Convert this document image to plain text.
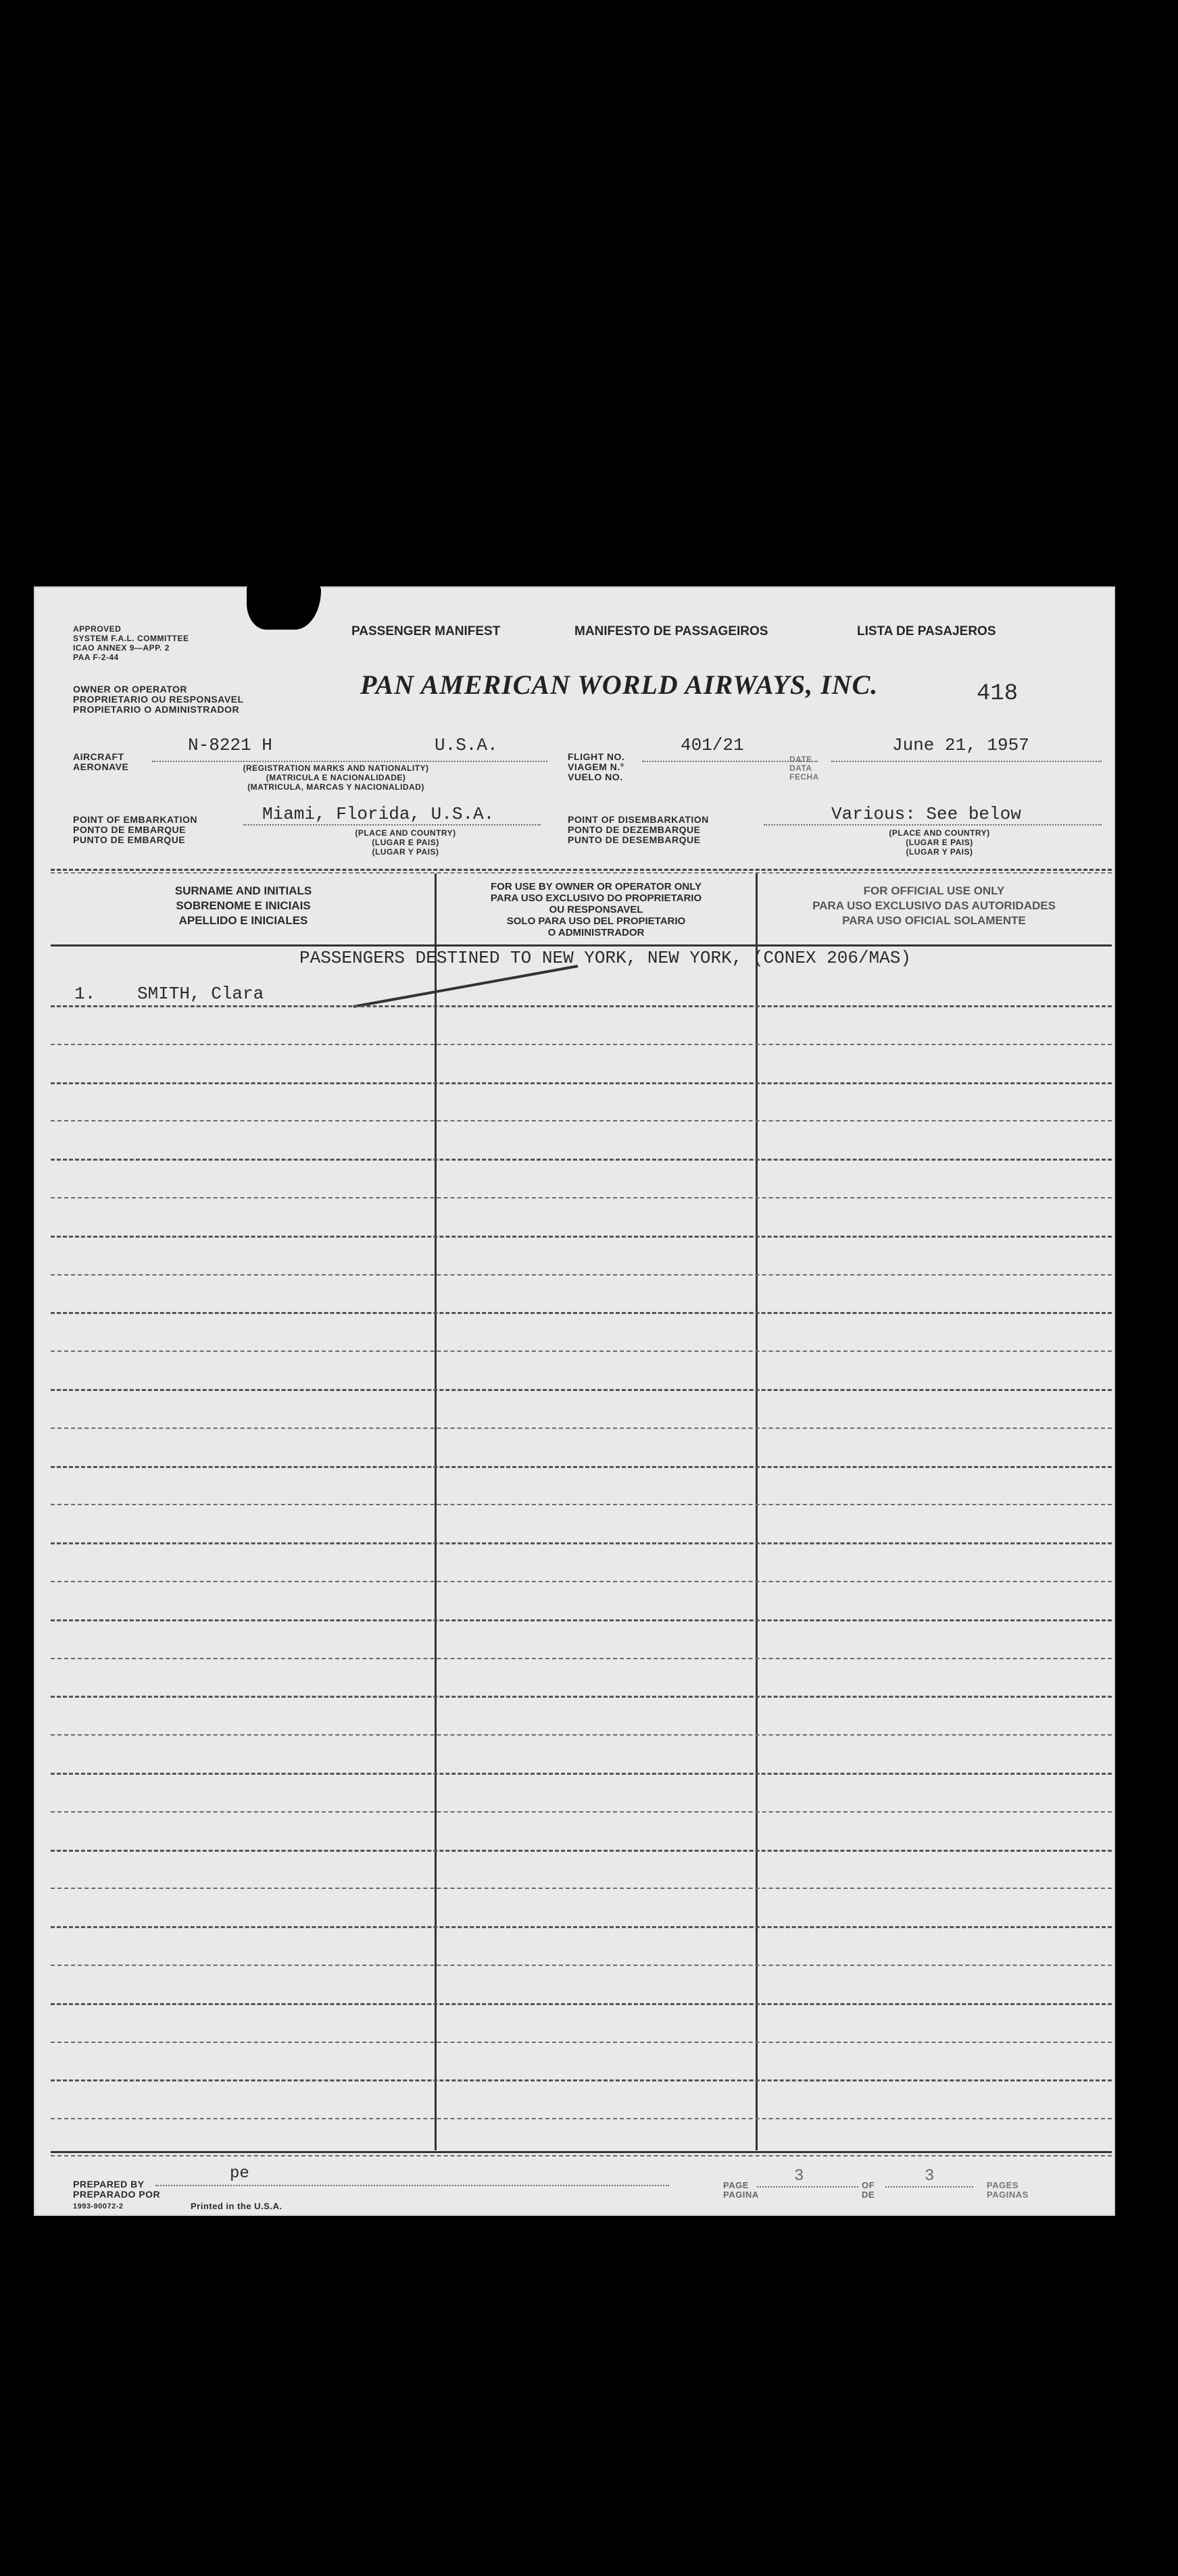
APPROVED
SYSTEM F.A.L. COMMITTEE
ICAO ANNEX 9—APP. 2
PAA F-2-44
PASSENGER MANIFEST	MANIFESTO DE PASSAGEIROS	LISTA DE PASAJEROS
OWNER OR OPERATOR
PROPRIETARIO OU RESPONSAVEL
PROPIETARIO O ADMINISTRADOR
PAN AMERICAN WORLD AIRWAYS, INC.	418
AIRCRAFT
AERONAVE
N-8221 H	U.S.A.
(REGISTRATION MARKS AND NATIONALITY)
(MATRICULA E NACIONALIDADE)
(MATRICULA, MARCAS Y NACIONALIDAD)
FLIGHT NO.
VIAGEM N.°
VUELO NO.
401/21
DATE
DATA
FECHA
June 21, 1957
POINT OF EMBARKATION
PONTO DE EMBARQUE
PUNTO DE EMBARQUE
Miami, Florida, U.S.A.
(PLACE AND COUNTRY)
(LUGAR E PAIS)
(LUGAR Y PAIS)
POINT OF DISEMBARKATION
PONTO DE DEZEMBARQUE
PUNTO DE DESEMBARQUE
Various: See below
(PLACE AND COUNTRY)
(LUGAR E PAIS)
(LUGAR Y PAIS)
SURNAME AND INITIALS
SOBRENOME E INICIAIS
APELLIDO E INICIALES
FOR USE BY OWNER OR OPERATOR ONLY
PARA USO EXCLUSIVO DO PROPRIETARIO
OU RESPONSAVEL
SOLO PARA USO DEL PROPIETARIO
O ADMINISTRADOR
FOR OFFICIAL USE ONLY
PARA USO EXCLUSIVO DAS AUTORIDADES
PARA USO OFICIAL SOLAMENTE
PASSENGERS DESTINED TO NEW YORK, NEW YORK, (CONEX 206/MAS)
1. SMITH, Clara
PREPARED BY
PREPARADO POR
pe
1993-90072-2	Printed in the U.S.A.
PAGE
PAGINA
3	OF
DE
3	PAGES
PAGINAS
